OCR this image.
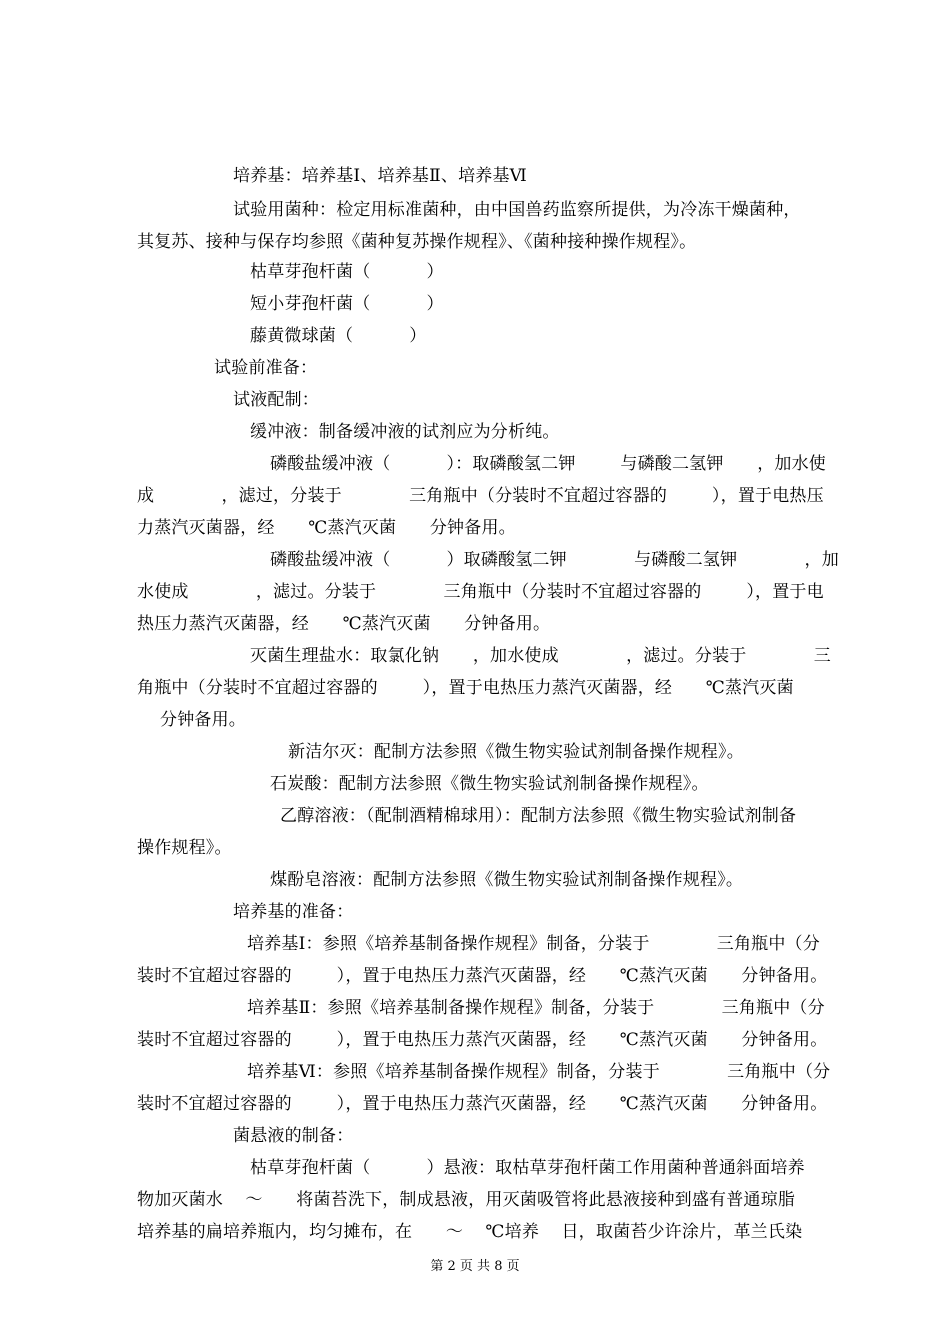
培养基：培养基Ⅰ、培养基Ⅱ、培养基Ⅵ
试验用菌种：检定用标准菌种，由中国兽药监察所提供，为冷冻干燥菌种，
其复苏、接种与保存均参照《菌种复苏操作规程》、《菌种接种操作规程》。
枯草芽孢杆菌（          ）
短小芽孢杆菌（          ）
藤黄微球菌（          ）
试验前准备：
试液配制：
缓冲液：制备缓冲液的试剂应为分析纯。
磷酸盐缓冲液（          ）：取磷酸氢二钾        与磷酸二氢钾      ，加水使
成            ，滤过，分装于            三角瓶中（分装时不宜超过容器的        ），置于电热压
力蒸汽灭菌器，经      ℃蒸汽灭菌      分钟备用。
磷酸盐缓冲液（          ）取磷酸氢二钾            与磷酸二氢钾            ，加
水使成            ，滤过。分装于            三角瓶中（分装时不宜超过容器的        ），置于电
热压力蒸汽灭菌器，经      ℃蒸汽灭菌      分钟备用。
灭菌生理盐水：取氯化钠      ，加水使成            ，滤过。分装于            三
角瓶中（分装时不宜超过容器的        ），置于电热压力蒸汽灭菌器，经      ℃蒸汽灭菌
分钟备用。
新洁尔灭：配制方法参照《微生物实验试剂制备操作规程》。
石炭酸：配制方法参照《微生物实验试剂制备操作规程》。
乙醇溶液：（配制酒精棉球用）：配制方法参照《微生物实验试剂制备
操作规程》。
煤酚皂溶液：配制方法参照《微生物实验试剂制备操作规程》。
培养基的准备：
培养基Ⅰ：参照《培养基制备操作规程》制备，分装于            三角瓶中（分
装时不宜超过容器的        ），置于电热压力蒸汽灭菌器，经      ℃蒸汽灭菌      分钟备用。
培养基Ⅱ：参照《培养基制备操作规程》制备，分装于            三角瓶中（分
装时不宜超过容器的        ），置于电热压力蒸汽灭菌器，经      ℃蒸汽灭菌      分钟备用。
培养基Ⅵ：参照《培养基制备操作规程》制备，分装于            三角瓶中（分
装时不宜超过容器的        ），置于电热压力蒸汽灭菌器，经      ℃蒸汽灭菌      分钟备用。
菌悬液的制备：
枯草芽孢杆菌（          ）悬液：取枯草芽孢杆菌工作用菌种普通斜面培养
物加灭菌水    ～      将菌苔洗下，制成悬液，用灭菌吸管将此悬液接种到盛有普通琼脂
培养基的扁培养瓶内，均匀摊布，在      ～    ℃培养    日，取菌苔少许涂片，革兰氏染
第 2 页 共 8 页
